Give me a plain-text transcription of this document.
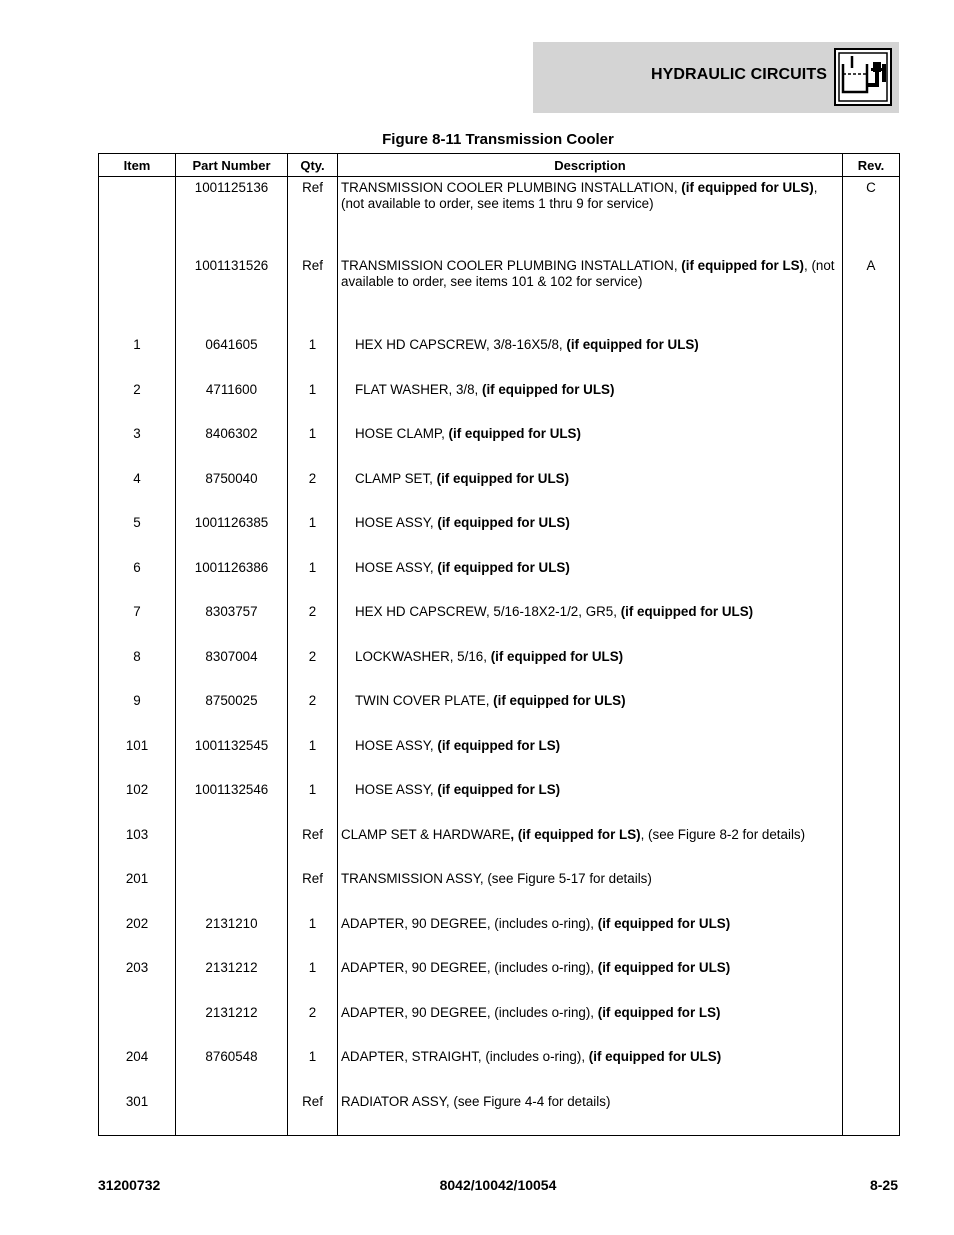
HYDRAULIC CIRCUITS
Figure 8-11 Transmission Cooler
Item	Part Number	Qty.	Description	Rev.
	1001125136	Ref	TRANSMISSION COOLER PLUMBING INSTALLATION, (if equipped for ULS), (not available to order, see items 1 thru 9 for service)	C
	1001131526	Ref	TRANSMISSION COOLER PLUMBING INSTALLATION, (if equipped for LS), (not available to order, see items 101 & 102 for service)	A
1	0641605	1	HEX HD CAPSCREW, 3/8-16X5/8, (if equipped for ULS)	
2	4711600	1	FLAT WASHER, 3/8, (if equipped for ULS)	
3	8406302	1	HOSE CLAMP, (if equipped for ULS)	
4	8750040	2	CLAMP SET, (if equipped for ULS)	
5	1001126385	1	HOSE ASSY, (if equipped for ULS)	
6	1001126386	1	HOSE ASSY, (if equipped for ULS)	
7	8303757	2	HEX HD CAPSCREW, 5/16-18X2-1/2, GR5, (if equipped for ULS)	
8	8307004	2	LOCKWASHER, 5/16, (if equipped for ULS)	
9	8750025	2	TWIN COVER PLATE, (if equipped for ULS)	
101	1001132545	1	HOSE ASSY, (if equipped for LS)	
102	1001132546	1	HOSE ASSY, (if equipped for LS)	
103		Ref	CLAMP SET & HARDWARE, (if equipped for LS), (see Figure 8-2 for details)	
201		Ref	TRANSMISSION ASSY, (see Figure 5-17 for details)	
202	2131210	1	ADAPTER, 90 DEGREE, (includes o-ring), (if equipped for ULS)	
203	2131212	1	ADAPTER, 90 DEGREE, (includes o-ring), (if equipped for ULS)	
	2131212	2	ADAPTER, 90 DEGREE, (includes o-ring), (if equipped for LS)	
204	8760548	1	ADAPTER, STRAIGHT, (includes o-ring), (if equipped for ULS)	
301		Ref	RADIATOR ASSY, (see Figure 4-4 for details)	

31200732	8042/10042/10054	8-25
